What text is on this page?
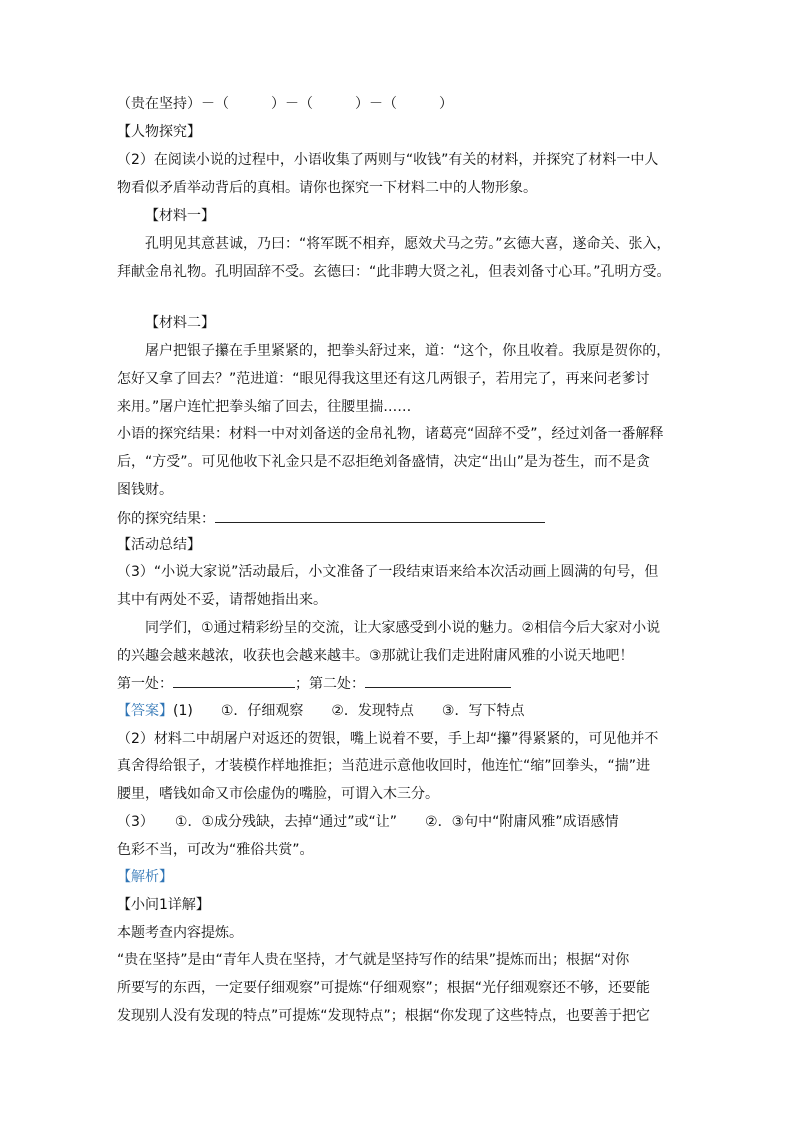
（贵在坚持）－（　　　）－（　　　）－（　　　）
【人物探究】
（2）在阅读小说的过程中，小语收集了两则与“收钱”有关的材料，并探究了材料一中人
物看似矛盾举动背后的真相。请你也探究一下材料二中的人物形象。
【材料一】
孔明见其意甚诚，乃曰：“将军既不相弃，愿效犬马之劳。”玄德大喜，遂命关、张入，
拜献金帛礼物。孔明固辞不受。玄德曰：“此非聘大贤之礼，但表刘备寸心耳。”孔明方受。
【材料二】
屠户把银子攥在手里紧紧的，把拳头舒过来，道：“这个，你且收着。我原是贺你的，
怎好又拿了回去？”范进道：“眼见得我这里还有这几两银子，若用完了，再来问老爹讨
来用。”屠户连忙把拳头缩了回去，往腰里揣……
小语的探究结果：材料一中对刘备送的金帛礼物，诸葛亮“固辞不受”，经过刘备一番解释
后，“方受”。可见他收下礼金只是不忍拒绝刘备盛情，决定“出山”是为苍生，而不是贪
图钱财。
你的探究结果：
【活动总结】
（3）“小说大家说”活动最后，小文准备了一段结束语来给本次活动画上圆满的句号，但
其中有两处不妥，请帮她指出来。
同学们，①通过精彩纷呈的交流，让大家感受到小说的魅力。②相信今后大家对小说
的兴趣会越来越浓，收获也会越来越丰。③那就让我们走进附庸风雅的小说天地吧！
第一处：	；第二处：
【答案】(1)　　①．仔细观察　　②．发现特点　　③．写下特点
（2）材料二中胡屠户对返还的贺银，嘴上说着不要，手上却“攥”得紧紧的，可见他并不
真舍得给银子，才装模作样地推拒；当范进示意他收回时，他连忙“缩”回拳头，“揣”进
腰里，嗜钱如命又市侩虚伪的嘴脸，可谓入木三分。
（3）　　①．①成分残缺，去掉“通过”或“让”　　②．③句中“附庸风雅”成语感情
色彩不当，可改为“雅俗共赏”。
【解析】
【小问1详解】
本题考查内容提炼。
“贵在坚持”是由“青年人贵在坚持，才气就是坚持写作的结果”提炼而出；根据“对你
所要写的东西，一定要仔细观察”可提炼“仔细观察”；根据“光仔细观察还不够，还要能
发现别人没有发现的特点”可提炼“发现特点”；根据“你发现了这些特点，也要善于把它
